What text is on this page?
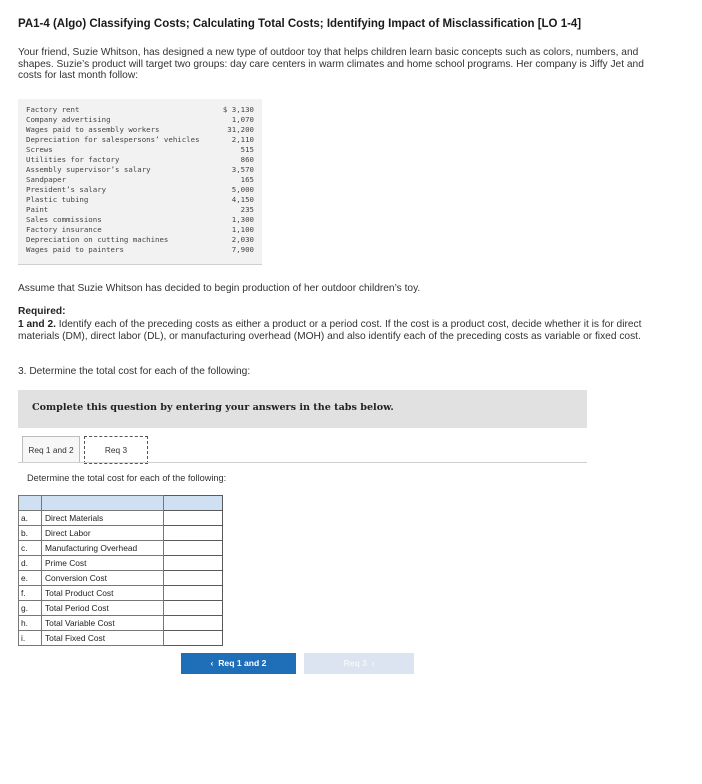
PA1-4 (Algo) Classifying Costs; Calculating Total Costs; Identifying Impact of Misclassification [LO 1-4]
Your friend, Suzie Whitson, has designed a new type of outdoor toy that helps children learn basic concepts such as colors, numbers, and shapes. Suzie’s product will target two groups: day care centers in warm climates and home school programs. Her company is Jiffy Jet and costs for last month follow:
Factory rent	$ 3,130
Company advertising	1,070
Wages paid to assembly workers	31,200
Depreciation for salespersons’ vehicles	2,110
Screws	515
Utilities for factory	860
Assembly supervisor’s salary	3,570
Sandpaper	165
President’s salary	5,000
Plastic tubing	4,150
Paint	235
Sales commissions	1,300
Factory insurance	1,100
Depreciation on cutting machines	2,030
Wages paid to painters	7,900
Assume that Suzie Whitson has decided to begin production of her outdoor children’s toy.
Required:
1 and 2. Identify each of the preceding costs as either a product or a period cost. If the cost is a product cost, decide whether it is for direct materials (DM), direct labor (DL), or manufacturing overhead (MOH) and also identify each of the preceding costs as variable or fixed cost.
3. Determine the total cost for each of the following:
Complete this question by entering your answers in the tabs below.
Req 1 and 2	Req 3
Determine the total cost for each of the following:

a.	Direct Materials	
b.	Direct Labor	
c.	Manufacturing Overhead	
d.	Prime Cost	
e.	Conversion Cost	
f.	Total Product Cost	
g.	Total Period Cost	
h.	Total Variable Cost	
i.	Total Fixed Cost	
‹ Req 1 and 2	Req 3 ›
